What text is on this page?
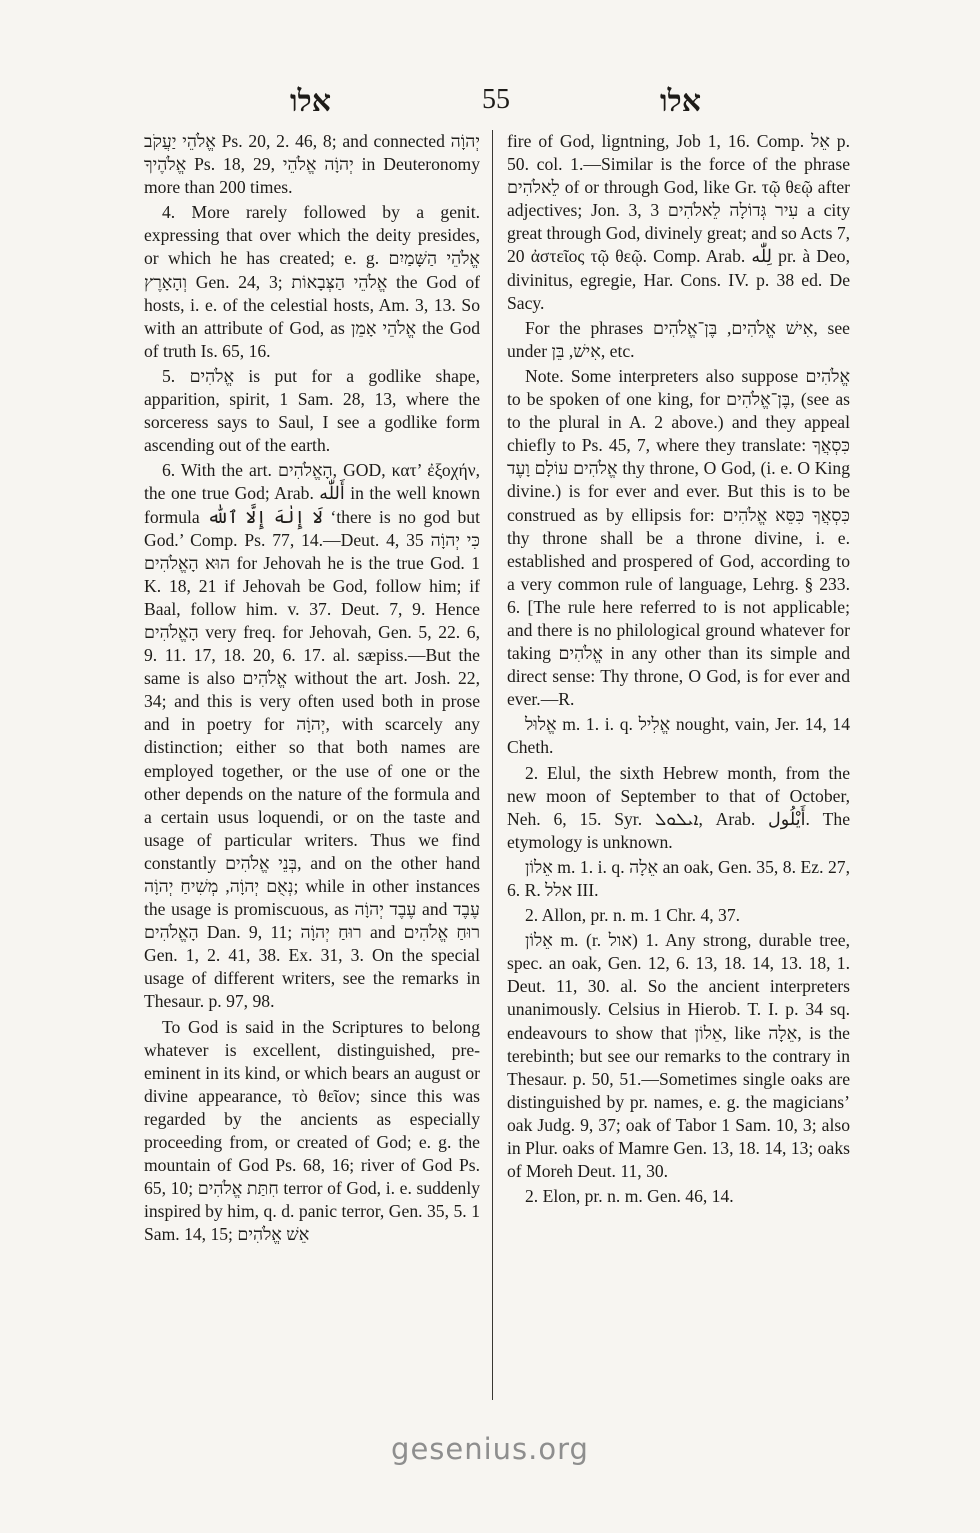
אלו	55	אלו

אֱלֹהֵי יַעֲקֹב Ps. 20, 2. 46, 8; and connected יְהוָֹה אֱלֹהֶיךָ Ps. 18, 29, יְהוָֹה אֱלֹהֵי in Deuteronomy more than 200 times.

4. More rarely followed by a genit. expressing that over which the deity presides, or which he has created; e. g. אֱלֹהֵי הַשָּׁמַיִם וְהָאָרֶץ Gen. 24, 3; אֱלֹהֵי הַצְּבָאוֹת the God of hosts, i. e. of the celestial hosts, Am. 3, 13. So with an attribute of God, as אֱלֹהֵי אָמֵן the God of truth Is. 65, 16.

5. אֱלֹהִים is put for a godlike shape, apparition, spirit, 1 Sam. 28, 13, where the sorceress says to Saul, I see a godlike form ascending out of the earth.

6. With the art. הָאֱלֹהִים, GOD, κατ’ ἐξοχήν, the one true God; Arab. أَللّٰه in the well known formula لَا إِلٰهَ إِلَّا ٱللّٰه ‘there is no god but God.’ Comp. Ps. 77, 14.—Deut. 4, 35 כִּי יְהוָֹה הוּא הָאֱלֹהִים for Jehovah he is the true God. 1 K. 18, 21 if Jehovah be God, follow him; if Baal, follow him. v. 37. Deut. 7, 9. Hence הָאֱלֹהִים very freq. for Jehovah, Gen. 5, 22. 6, 9. 11. 17, 18. 20, 6. 17. al. sæpiss.—But the same is also אֱלֹהִים without the art. Josh. 22, 34; and this is very often used both in prose and in poetry for יְהוָֹה, with scarcely any distinction; either so that both names are employed together, or the use of one or the other depends on the nature of the formula and a certain usus loquendi, or on the taste and usage of particular writers. Thus we find constantly בְּנֵי אֱלֹהִים, and on the other hand נְאֻם יְהוָֹה, מְשִׁיחַ יְהוָֹה; while in other instances the usage is promiscuous, as עֶבֶד יְהוָֹה and עֶבֶד הָאֱלֹהִים Dan. 9, 11; רוּחַ יְהוָֹה and רוּחַ אֱלֹהִים Gen. 1, 2. 41, 38. Ex. 31, 3. On the special usage of different writers, see the remarks in Thesaur. p. 97, 98.

To God is said in the Scriptures to belong whatever is excellent, distinguished, pre-eminent in its kind, or which bears an august or divine appearance, τὸ θεῖον; since this was regarded by the ancients as especially proceeding from, or created of God; e. g. the mountain of God Ps. 68, 16; river of God Ps. 65, 10; חִתַּת אֱלֹהִים terror of God, i. e. suddenly inspired by him, q. d. panic terror, Gen. 35, 5. 1 Sam. 14, 15; אֵשׁ אֱלֹהִים

fire of God, ligntning, Job 1, 16. Comp. אֵל p. 50. col. 1.—Similar is the force of the phrase לֵאלֹהִים of or through God, like Gr. τῷ θεῷ after adjectives; Jon. 3, 3 עִיר גְּדוֹלָה לֵאלֹהִים a city great through God, divinely great; and so Acts 7, 20 ἀστεῖος τῷ θεῷ. Comp. Arab. لِلّٰه pr. à Deo, divinitus, egregie, Har. Cons. IV. p. 38 ed. De Sacy.

For the phrases אִישׁ אֱלֹהִים, בֶּן־אֱלֹהִים, see under אִישׁ, בֵּן, etc.

Note. Some interpreters also suppose אֱלֹהִים to be spoken of one king, for בֶּן־אֱלֹהִים, (see as to the plural in A. 2 above.) and they appeal chiefly to Ps. 45, 7, where they translate: כִּסְאֲךָ אֱלֹהִים עוֹלָם וָעֶד thy throne, O God, (i. e. O King divine.) is for ever and ever. But this is to be construed as by ellipsis for: כִּסְאֲךָ כִּסֵּא אֱלֹהִים thy throne shall be a throne divine, i. e. established and prospered of God, according to a very common rule of language, Lehrg. § 233. 6. [The rule here referred to is not applicable; and there is no philological ground whatever for taking אֱלֹהִים in any other than its simple and direct sense: Thy throne, O God, is for ever and ever.—R.

אֱלוּל m. 1. i. q. אֱלִיל nought, vain, Jer. 14, 14 Cheth.

2. Elul, the sixth Hebrew month, from the new moon of September to that of October, Neh. 6, 15. Syr. ܐܝܠܘܠ, Arab. أَيْلُول. The etymology is unknown.

אֵלוֹן m. 1. i. q. אֵלָה an oak, Gen. 35, 8. Ez. 27, 6. R. אלל III.

2. Allon, pr. n. m. 1 Chr. 4, 37.

אֵלוֹן m. (r. אול) 1. Any strong, durable tree, spec. an oak, Gen. 12, 6. 13, 18. 14, 13. 18, 1. Deut. 11, 30. al. So the ancient interpreters unanimously. Celsius in Hierob. T. I. p. 34 sq. endeavours to show that אֵלוֹן, like אֵלָה, is the terebinth; but see our remarks to the contrary in Thesaur. p. 50, 51.—Sometimes single oaks are distinguished by pr. names, e. g. the magicians’ oak Judg. 9, 37; oak of Tabor 1 Sam. 10, 3; also in Plur. oaks of Mamre Gen. 13, 18. 14, 13; oaks of Moreh Deut. 11, 30.

2. Elon, pr. n. m. Gen. 46, 14.

gesenius.org
